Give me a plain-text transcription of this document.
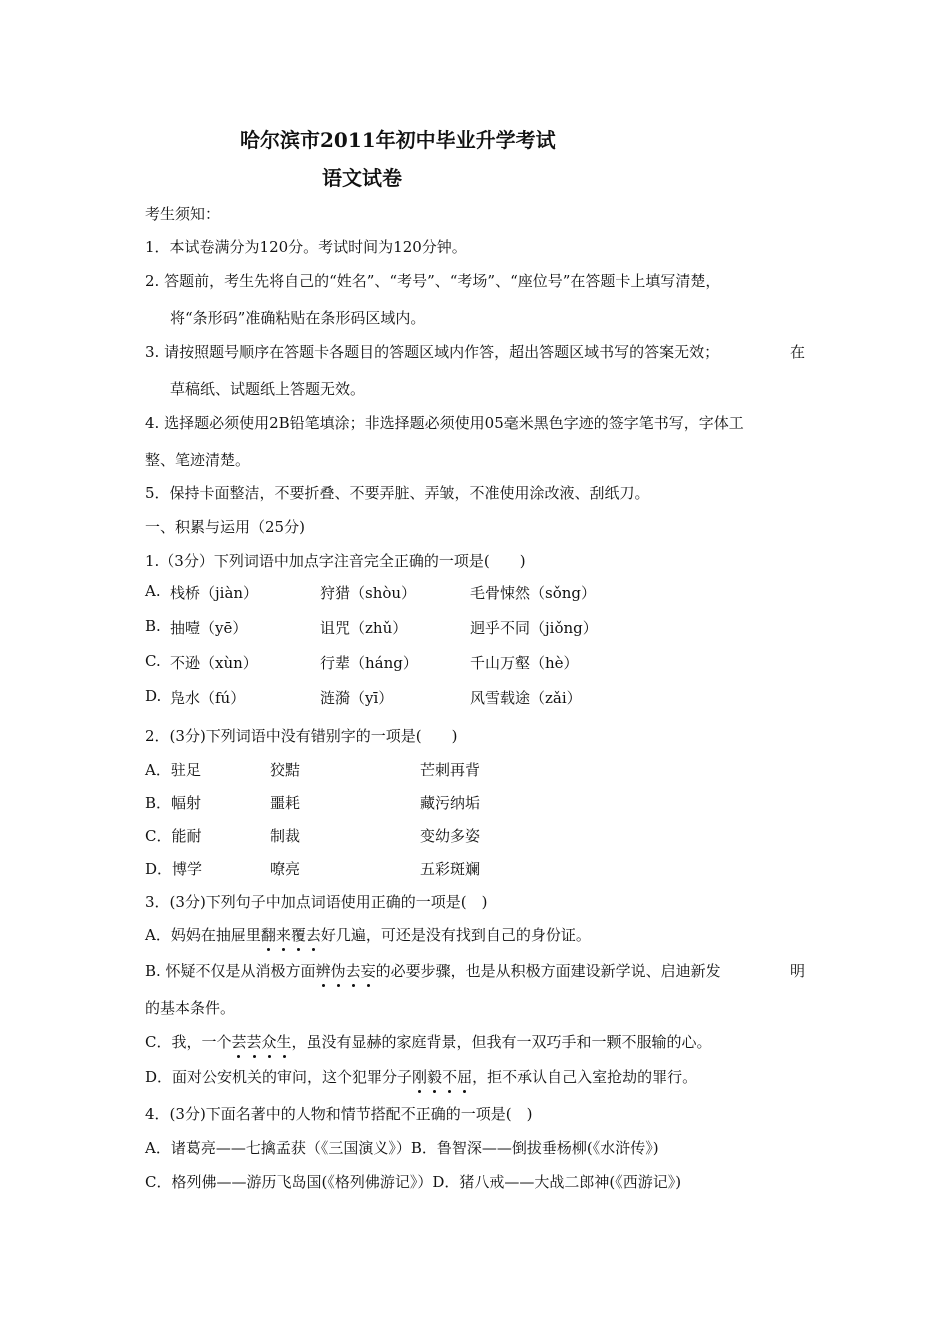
哈尔滨市2011年初中毕业升学考试
语文试卷
考生须知：
1．本试卷满分为120分。考试时间为120分钟。
2. 答题前，考生先将自己的“姓名”、“考号”、“考场”、“座位号”在答题卡上填写清楚，
将“条形码”准确粘贴在条形码区域内。
3. 请按照题号顺序在答题卡各题目的答题区域内作答，超出答题区域书写的答案无效；	在
草稿纸、试题纸上答题无效。
4. 选择题必须使用2B铅笔填涂；非选择题必须使用05毫米黑色字迹的签字笔书写，字体工
整、笔迹清楚。
5．保持卡面整洁，不要折叠、不要弄脏、弄皱，不准使用涂改液、刮纸刀。
一、积累与运用（25分)
1.（3分）下列词语中加点字注音完全正确的一项是(　　)
A. 栈桥（jiàn）	狩猎（shòu）	毛骨悚然（sǒng）
B. 抽噎（yē）	诅咒（zhǔ）	迥乎不同（jiǒng）
C. 不逊（xùn）	行辈（háng）	千山万壑（hè）
D. 凫水（fú）	涟漪（yī）	风雪载途（zǎi）
2．(3分)下列词语中没有错别字的一项是(　　)
A．驻足	狡黠	芒刺再背
B．幅射	噩耗	藏污纳垢
C．能耐	制裁	变幼多姿
D．博学	嘹亮	五彩斑斓
3．(3分)下列句子中加点词语使用正确的一项是(　)
A．妈妈在抽屉里翻来覆去好几遍，可还是没有找到自己的身份证。
B. 怀疑不仅是从消极方面辨伪去妄的必要步骤，也是从积极方面建设新学说、启迪新发	明
的基本条件。
C．我，一个芸芸众生，虽没有显赫的家庭背景，但我有一双巧手和一颗不服输的心。
D．面对公安机关的审问，这个犯罪分子刚毅不屈，拒不承认自己入室抢劫的罪行。
4．(3分)下面名著中的人物和情节搭配不正确的一项是(　)
A．诸葛亮——七擒孟获（《三国演义》）B．鲁智深——倒拔垂杨柳(《水浒传》)
C．格列佛——游历飞岛国(《格列佛游记》）D．猪八戒——大战二郎神(《西游记》)
